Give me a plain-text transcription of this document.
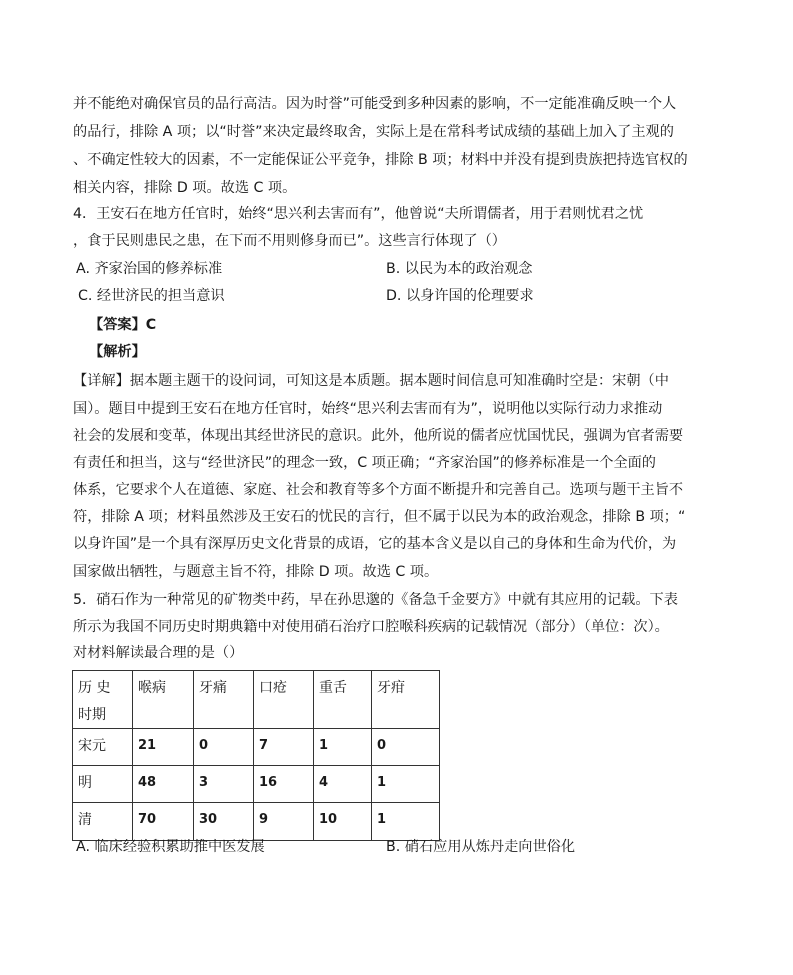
并不能绝对确保官员的品行高洁。因为时誉”可能受到多种因素的影响，不一定能准确反映一个人
的品行，排除 A 项；以“时誉”来决定最终取舍，实际上是在常科考试成绩的基础上加入了主观的
、不确定性较大的因素，不一定能保证公平竞争，排除 B 项；材料中并没有提到贵族把持选官权的
相关内容，排除 D 项。故选 C 项。
4．王安石在地方任官时，始终“思兴利去害而有”，他曾说“夫所谓儒者，用于君则忧君之忧
，食于民则患民之患，在下而不用则修身而已”。这些言行体现了（）
A. 齐家治国的修养标准	B. 以民为本的政治观念
C. 经世济民的担当意识	D. 以身许国的伦理要求
【答案】C
【解析】
【详解】据本题主题干的设问词，可知这是本质题。据本题时间信息可知准确时空是：宋朝（中
国）。题目中提到王安石在地方任官时，始终“思兴利去害而有为”，说明他以实际行动力求推动
社会的发展和变革，体现出其经世济民的意识。此外，他所说的儒者应忧国忧民，强调为官者需要
有责任和担当，这与“经世济民”的理念一致，C 项正确；“齐家治国”的修养标准是一个全面的
体系，它要求个人在道德、家庭、社会和教育等多个方面不断提升和完善自己。选项与题干主旨不
符，排除 A 项；材料虽然涉及王安石的忧民的言行，但不属于以民为本的政治观念，排除 B 项；“
以身许国”是一个具有深厚历史文化背景的成语，它的基本含义是以自己的身体和生命为代价，为
国家做出牺牲，与题意主旨不符，排除 D 项。故选 C 项。
5．硝石作为一种常见的矿物类中药，早在孙思邈的《备急千金要方》中就有其应用的记载。下表
所示为我国不同历史时期典籍中对使用硝石治疗口腔喉科疾病的记载情况（部分）（单位：次）。
对材料解读最合理的是（）
历 史
时期	喉病	牙痛	口疮	重舌	牙疳
宋元	21	0	7	1	0
明	48	3	16	4	1
清	70	30	9	10	1
A. 临床经验积累助推中医发展	B. 硝石应用从炼丹走向世俗化
